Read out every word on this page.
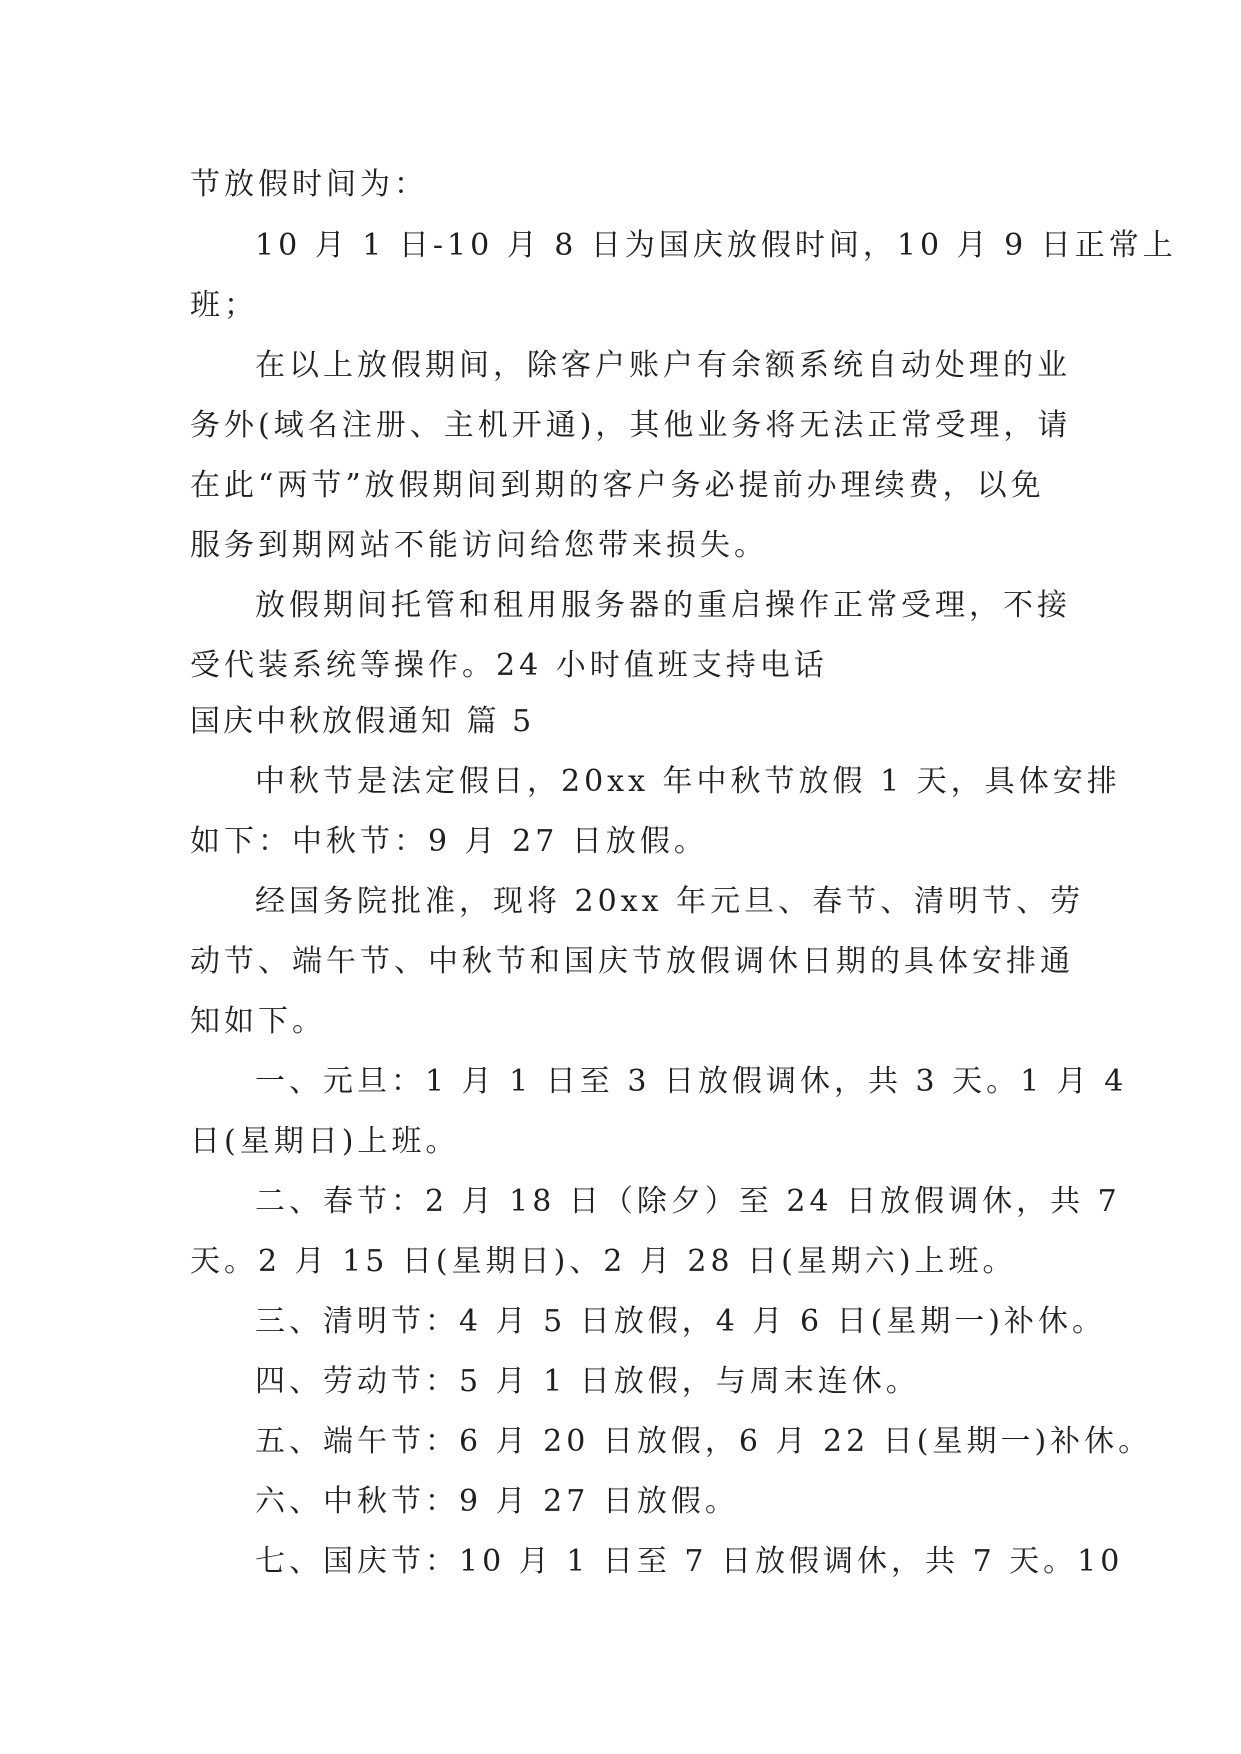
节放假时间为：

10 月 1 日-10 月 8 日为国庆放假时间，10 月 9 日正常上

班；

在以上放假期间，除客户账户有余额系统自动处理的业

务外(域名注册、主机开通)，其他业务将无法正常受理，请

在此“两节”放假期间到期的客户务必提前办理续费，以免

服务到期网站不能访问给您带来损失。

放假期间托管和租用服务器的重启操作正常受理，不接

受代装系统等操作。24 小时值班支持电话

国庆中秋放假通知 篇 5

中秋节是法定假日，20xx 年中秋节放假 1 天，具体安排

如下：中秋节：9 月 27 日放假。

经国务院批准，现将 20xx 年元旦、春节、清明节、劳

动节、端午节、中秋节和国庆节放假调休日期的具体安排通

知如下。

一、元旦：1 月 1 日至 3 日放假调休，共 3 天。1 月 4

日(星期日)上班。

二、春节：2 月 18 日（除夕）至 24 日放假调休，共 7

天。2 月 15 日(星期日)、2 月 28 日(星期六)上班。

三、清明节：4 月 5 日放假，4 月 6 日(星期一)补休。

四、劳动节：5 月 1 日放假，与周末连休。

五、端午节：6 月 20 日放假，6 月 22 日(星期一)补休。

六、中秋节：9 月 27 日放假。

七、国庆节：10 月 1 日至 7 日放假调休，共 7 天。10
